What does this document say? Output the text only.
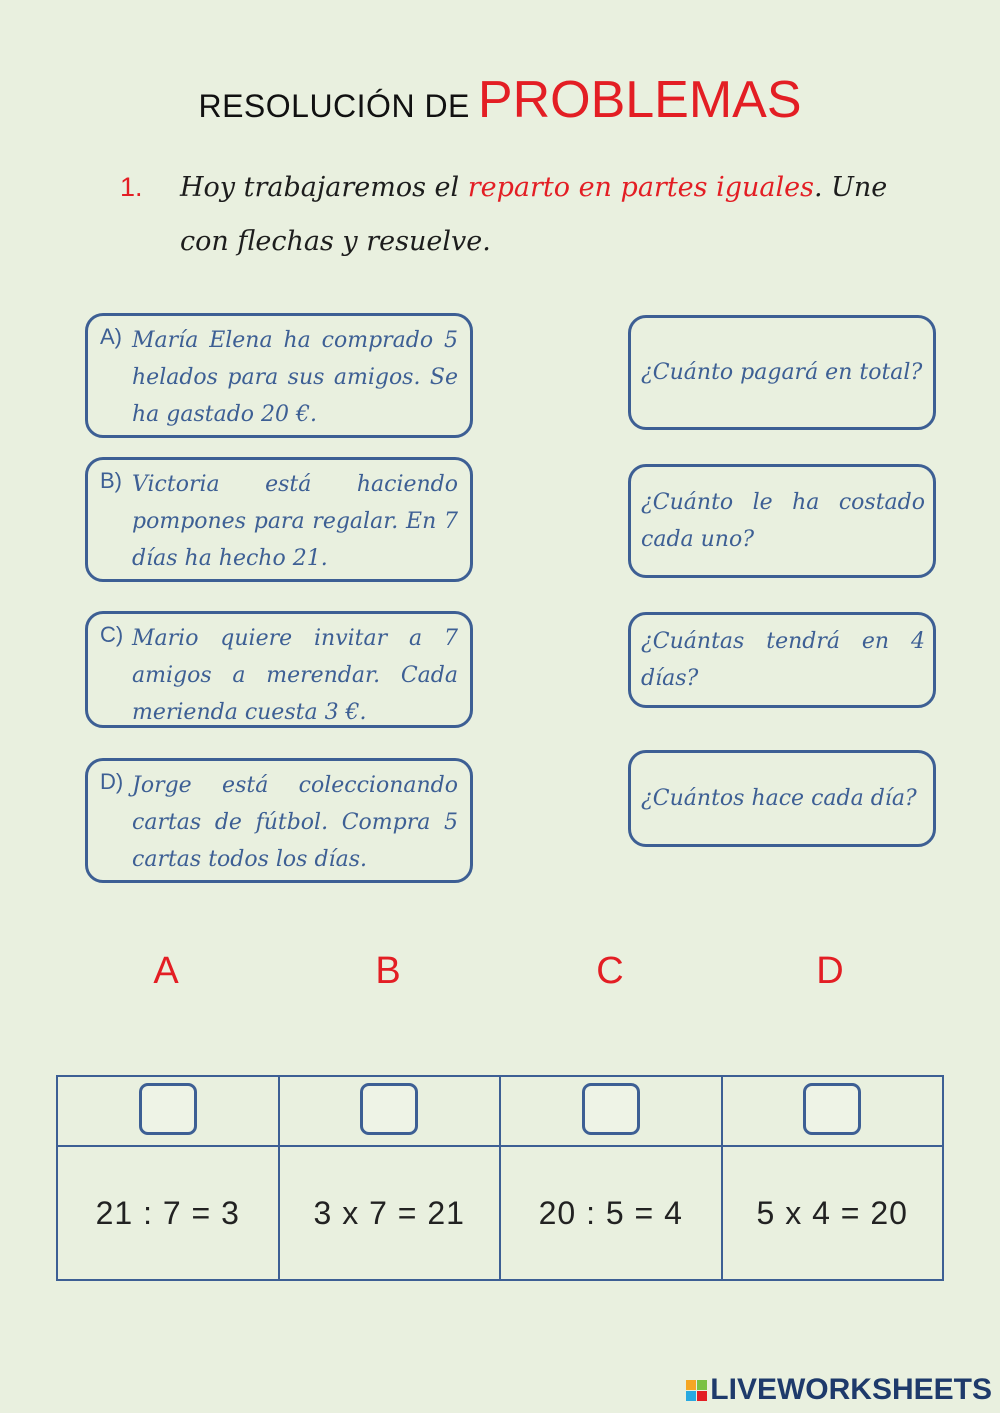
RESOLUCIÓN DE PROBLEMAS
1. Hoy trabajaremos el reparto en partes iguales. Une
con flechas y resuelve.
A) María Elena ha comprado 5 helados para sus amigos. Se ha gastado 20 €.
B) Victoria está haciendo pompones para regalar. En 7 días ha hecho 21.
C) Mario quiere invitar a 7 amigos a merendar. Cada merienda cuesta 3 €.
D) Jorge está coleccionando cartas de fútbol. Compra 5 cartas todos los días.
¿Cuánto pagará en total?
¿Cuánto le ha costado cada uno?
¿Cuántas tendrá en 4 días?
¿Cuántos hace cada día?
A	B	C	D

21 : 7 = 3	3 x 7 = 21	20 : 5 = 4	5 x 4 = 20
LIVEWORKSHEETS
